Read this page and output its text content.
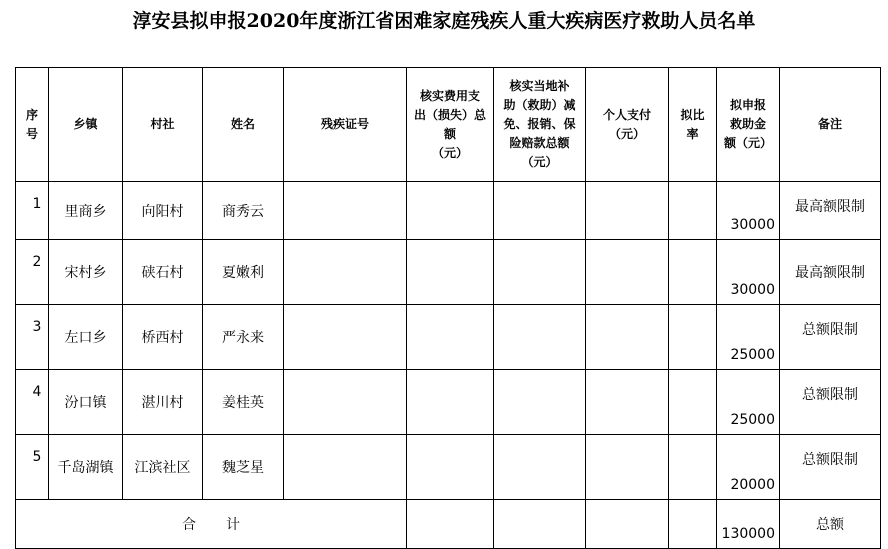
淳安县拟申报2020年度浙江省困难家庭残疾人重大疾病医疗救助人员名单
序
号	乡镇	村社	姓名	残疾证号	核实费用支
出（损失）总
额
（元）	核实当地补
助（救助）减
免、报销、保
险赔款总额
（元）	个人支付
（元）	拟比
率	拟申报
救助金
额（元）	备注

1	里商乡	向阳村	商秀云						30000	最高额限制
2	宋村乡	硖石村	夏嫩利						30000	最高额限制
3	左口乡	桥西村	严永来						25000	总额限制
4	汾口镇	湛川村	姜桂英						25000	总额限制
5	千岛湖镇	江滨社区	魏芝星						20000	总额限制
合 计									130000	总额
